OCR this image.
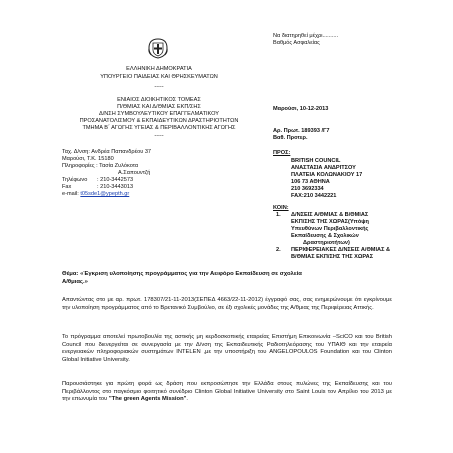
ΕΛΛΗΝΙΚΗ ΔΗΜΟΚΡΑΤΙΑ
ΥΠΟΥΡΓΕΙΟ ΠΑΙΔΕΙΑΣ ΚΑΙ ΘΡΗΣΚΕΥΜΑΤΩΝ
-----
ΕΝΙΑΙΟΣ ΔΙΟΙΚΗΤΙΚΟΣ ΤΟΜΕΑΣ
Π/ΘΜΙΑΣ ΚΑΙ Δ/ΘΜΙΑΣ ΕΚΠ/ΣΗΣ
Δ/ΝΣΗ ΣΥΜΒΟΥΛΕΥΤΙΚΟΥ ΕΠΑΓΓΕΛΜΑΤΙΚΟΥ
ΠΡΟΣΑΝΑΤΟΛΙΣΜΟΥ & ΕΚΠΑΙΔΕΥΤΙΚΩΝ ΔΡΑΣΤΗΡΙΟΤΗΤΩΝ
ΤΜΗΜΑ Β΄ ΑΓΩΓΗΣ ΥΓΕΙΑΣ & ΠΕΡΙΒΑΛΛΟΝΤΙΚΗΣ ΑΓΩΓΗΣ
-----
Ταχ. Δ/νση: Ανδρέα Παπανδρέου 37
Μαρούσι, Τ.Κ. 15180
Πληροφορίες : Τασία Ζυλόκοτα
Α.Σαπουντζή
Τηλέφωνο	: 210-3442573
Fax	: 210-3443013
e-mail: t05sde1@ypepth.gr
Να διατηρηθεί μέχρι..........
Βαθμός Ασφαλείας
Μαρούσι, 10-12-2013
Αρ. Πρωτ. 189393 /Γ7
Βαθ. Προτερ.
ΠΡΟΣ:
BRITISH COUNCIL
ΑΝΑΣΤΑΣΙΑ ΑΝΔΡΙΤΣΟΥ
ΠΛΑΤΕΙΑ ΚΟΛΩΝΑΚΙΟΥ 17
106 73 ΑΘΗΝΑ
210 3692334
FAX:210 3442221
ΚΟΙΝ:
1. Δ/ΝΣΕΙΣ Α/ΘΜΙΑΣ & Β/ΘΜΙΑΣ
ΕΚΠ/ΣΗΣ ΤΗΣ ΧΩΡΑΣ(Υπόψη
Υπευθύνων Περιβαλλοντικής
Εκπαίδευσης & Σχολικών
Δραστηριοτήτων)
2. ΠΕΡΙΦΕΡΕΙΑΚΕΣ Δ/ΝΣΕΙΣ Α/ΘΜΙΑΣ &
Β/ΘΜΙΑΣ ΕΚΠ/ΣΗΣ ΤΗΣ ΧΩΡΑΣ
Θέμα: «Έγκριση υλοποίησης προγράμματος για την Αειφόρο Εκπαίδευση σε σχολεία
Α/θμιας.»
Απαντώντας στο με αρ. πρωτ. 178307/21-11-2013(ΣΕΠΕΔ 4663/22-11-2012) έγγραφό σας, σας ενημερώνουμε ότι εγκρίνουμε την υλοποίηση προγράμματος από το Βρετανικό Συμβούλιο, σε έξι σχολικές μονάδες της Α/θμιας της Περιφέρειας Αττικής.
Το πρόγραμμα αποτελεί πρωτοβουλία της αστικής μη κερδοσκοπικής εταιρείας Επιστήμη Επικοινωνία –SciCO και του British Council που διενεργείται σε συνεργασία με την Δ/νση της Εκπαιδευτικής Ραδιοτηλεόρασης του ΥΠΑΙΘ και την εταιρεία ενεργειακών πληροφοριακών συστημάτων INTELEN ,με την υποστήριξη του ANGELOPOULOS Foundation και του Clinton Global Initiative University.
Παρουσιάστηκε για πρώτη φορά ως δράση που εκπροσώπησε την Ελλάδα στους πυλώνες της Εκπαίδευσης και του Περιβάλλοντος στο παγκόσμιο φοιτητικό συνέδριο Clinton Global Initiative University στο Saint Louis τον Απρίλιο του 2013 με την επωνυμία του "The green Agents Mission".
